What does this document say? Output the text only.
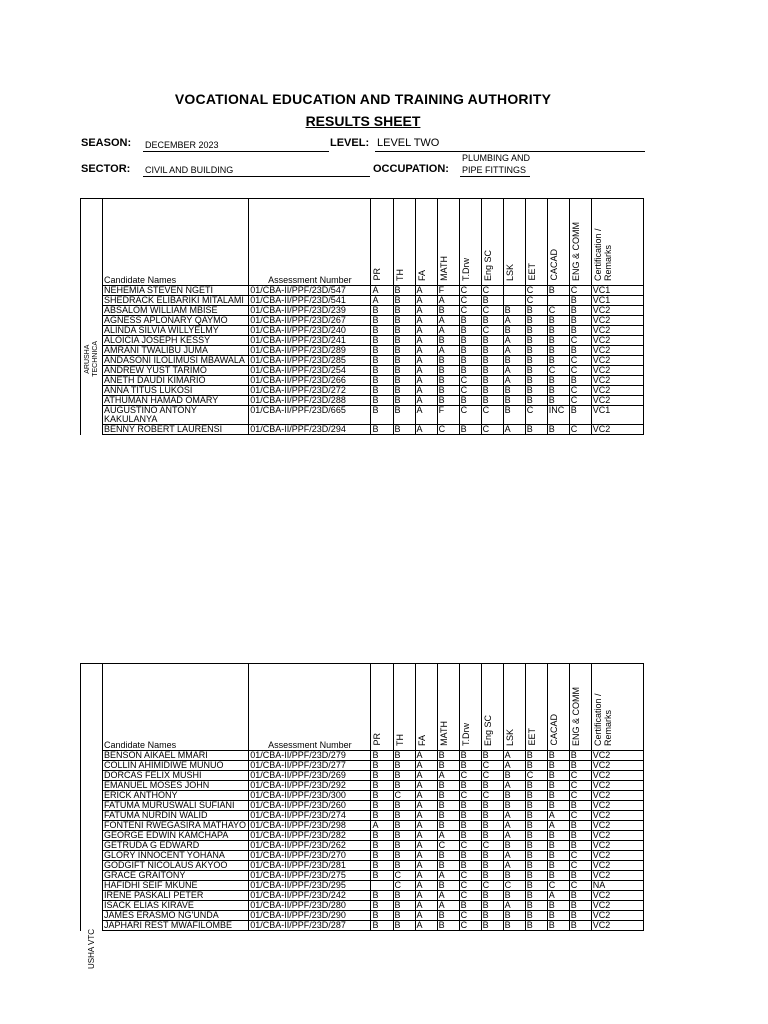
VOCATIONAL EDUCATION AND TRAINING AUTHORITY
RESULTS SHEET
SEASON: DECEMBER 2023	LEVEL: LEVEL TWO
SECTOR: CIVIL AND BUILDING	OCCUPATION:
PLUMBING AND
PIPE FITTINGS
	Candidate Names	Assessment Number	PR	TH	FA	MATH	T.Drw	Eng SC	LSK	EET	CACAD	ENG & COMM	Certification / Remarks
ARUSHA
TECHNICA	NEHEMIA STEVEN NGETI	01/CBA-II/PPF/23D/547	A	B	A	F	C	C		C	B	C	VC1
	SHEDRACK ELIBARIKI MITALAMI	01/CBA-II/PPF/23D/541	A	B	A	A	C	B		C		B	VC1
	ABSALOM WILLIAM MBISE	01/CBA-II/PPF/23D/239	B	B	A	B	C	C	B	B	C	B	VC2
	AGNESS APLONARY QAYMO	01/CBA-II/PPF/23D/267	B	B	A	A	B	B	A	B	B	B	VC2
	ALINDA SILVIA WILLYELMY	01/CBA-II/PPF/23D/240	B	B	A	A	B	C	B	B	B	B	VC2
	ALOICIA JOSEPH KESSY	01/CBA-II/PPF/23D/241	B	B	A	B	B	B	A	B	B	C	VC2
	AMRANI TWALIBU JUMA	01/CBA-II/PPF/23D/289	B	B	A	A	B	B	A	B	B	B	VC2
	ANDASONI ILOLIMUSI MBAWALA	01/CBA-II/PPF/23D/285	B	B	A	B	B	B	B	B	B	C	VC2
	ANDREW YUST TARIMO	01/CBA-II/PPF/23D/254	B	B	A	B	B	B	A	B	C	C	VC2
	ANETH DAUDI KIMARIO	01/CBA-II/PPF/23D/266	B	B	A	B	C	B	A	B	B	B	VC2
	ANNA TITUS LUKOSI	01/CBA-II/PPF/23D/272	B	B	A	B	C	B	B	B	B	C	VC2
	ATHUMAN HAMAD OMARY	01/CBA-II/PPF/23D/288	B	B	A	B	B	B	B	B	B	C	VC2
	AUGUSTINO ANTONY KAKULANYA	01/CBA-II/PPF/23D/665	B	B	A	F	C	C	B	C	INC	B	VC1
	BENNY ROBERT LAURENSI	01/CBA-II/PPF/23D/294	B	B	A	C	B	C	A	B	B	C	VC2
	Candidate Names	Assessment Number	PR	TH	FA	MATH	T.Drw	Eng SC	LSK	EET	CACAD	ENG & COMM	Certification / Remarks
USHA VTC	BENSON AIKAEL MMARI	01/CBA-II/PPF/23D/279	B	B	A	B	B	B	A	B	B	B	VC2
	COLLIN AHIMIDIWE MUNUO	01/CBA-II/PPF/23D/277	B	B	A	B	B	C	A	B	B	B	VC2
	DORCAS FELIX MUSHI	01/CBA-II/PPF/23D/269	B	B	A	A	C	C	B	C	B	C	VC2
	EMANUEL MOSES JOHN	01/CBA-II/PPF/23D/292	B	B	A	B	B	B	A	B	B	C	VC2
	ERICK ANTHONY	01/CBA-II/PPF/23D/300	B	C	A	B	C	C	B	B	B	C	VC2
	FATUMA MURUSWALI SUFIANI	01/CBA-II/PPF/23D/260	B	B	A	B	B	B	B	B	B	B	VC2
	FATUMA NURDIN WALID	01/CBA-II/PPF/23D/274	B	B	A	B	B	B	A	B	A	C	VC2
	FONTENI RWEGASIRA MATHAYO	01/CBA-II/PPF/23D/298	A	B	A	B	B	B	A	B	A	B	VC2
	GEORGE EDWIN KAMCHAPA	01/CBA-II/PPF/23D/282	B	B	A	A	B	B	A	B	B	B	VC2
	GETRUDA G EDWARD	01/CBA-II/PPF/23D/262	B	B	A	C	C	C	B	B	B	B	VC2
	GLORY INNOCENT YOHANA	01/CBA-II/PPF/23D/270	B	B	A	B	B	B	A	B	B	C	VC2
	GODGIFT NICOLAUS AKYOO	01/CBA-II/PPF/23D/281	B	B	A	B	B	B	A	B	B	C	VC2
	GRACE GRAITONY	01/CBA-II/PPF/23D/275	B	C	A	A	C	B	B	B	B	B	VC2
	HAFIDHI SEIF MKUNE	01/CBA-II/PPF/23D/295		C	A	B	C	C	C	B	C	C	NA
	IRENE PASKALI PETER	01/CBA-II/PPF/23D/242	B	B	A	A	C	B	B	B	A	B	VC2
	ISACK ELIAS KIRAVE	01/CBA-II/PPF/23D/280	B	B	A	A	B	B	A	B	B	B	VC2
	JAMES ERASMO NG'UNDA	01/CBA-II/PPF/23D/290	B	B	A	B	C	B	B	B	B	B	VC2
	JAPHARI REST MWAFILOMBE	01/CBA-II/PPF/23D/287	B	B	A	B	C	B	B	B	B	B	VC2
